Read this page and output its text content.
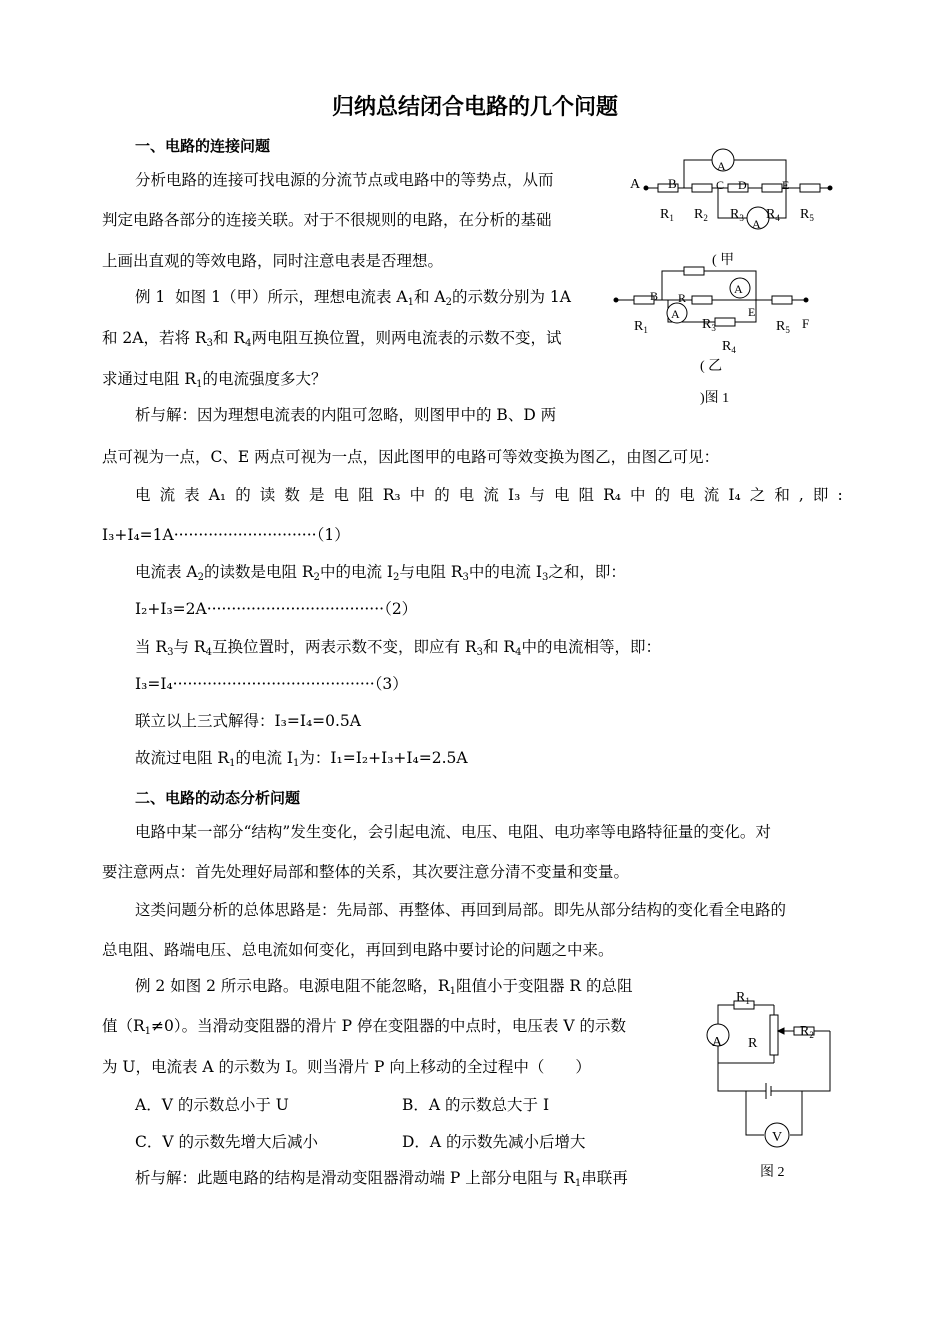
归纳总结闭合电路的几个问题
一、电路的连接问题
分析电路的连接可找电源的分流节点或电路中的等势点，从而
判定电路各部分的连接关联。对于不很规则的电路，在分析的基础
上画出直观的等效电路，同时注意电表是否理想。
例 1 如图 1（甲）所示，理想电流表 $A_1$和 $A_2$的示数分别为 1A
和 2A，若将 $R_3$和 $R_4$两电阻互换位置，则两电流表的示数不变，试
求通过电阻 $R_1$的电流强度多大？
析与解：因为理想电流表的内阻可忽略，则图甲中的 B、D 两
点可视为一点，C、E 两点可视为一点，因此图甲的电路可等效变换为图乙，由图乙可见：
电 流 表 A₁ 的 读 数 是 电 阻 R₃ 中 的 电 流 I₃ 与 电 阻 R₄ 中 的 电 流 I₄ 之 和 , 即 :
I₃+I₄=1A·····························（1）
电流表 $A_2$的读数是电阻 $R_2$中的电流 $I_2$与电阻 $R_3$中的电流 $I_3$之和，即：
I₂+I₃=2A····································（2）
当 $R_3$与 $R_4$互换位置时，两表示数不变，即应有 $R_3$和 $R_4$中的电流相等，即：
I₃=I₄·········································（3）
联立以上三式解得：I₃=I₄=0.5A
故流过电阻 $R_1$的电流 $I_1$为：I₁=I₂+I₃+I₄=2.5A
二、电路的动态分析问题
电路中某一部分“结构”发生变化，会引起电流、电压、电阻、电功率等电路特征量的变化。对
要注意两点：首先处理好局部和整体的关系，其次要注意分清不变量和变量。
这类问题分析的总体思路是：先局部、再整体、再回到局部。即先从部分结构的变化看全电路的
总电阻、路端电压、总电流如何变化，再回到电路中要讨论的问题之中来。
例 2 如图 2 所示电路。电源电阻不能忽略，$R_1$阻值小于变阻器 R 的总阻
值$(R_1\ne 0)$。当滑动变阻器的滑片 P 停在变阻器的中点时，电压表 V 的示数
为 U，电流表 A 的示数为 I。则当滑片 P 向上移动的全过程中（　　）
A．V 的示数总小于 U	B．A 的示数总大于 I
C．V 的示数先增大后减小	D．A 的示数先减小后增大
析与解：此题电路的结构是滑动变阻器滑动端 P 上部分电阻与 $R_1$串联再
A B	C D	E
A
$R_1$ $R_2$ $R_3$ $R_4$ $R_5$
A
( 甲
B R
A
$R_1$
A
$R_3$
E
$R_5$ F
$R_4$
( 乙
)图 1
$R_1$
$R_2$
A R
V
图 2
